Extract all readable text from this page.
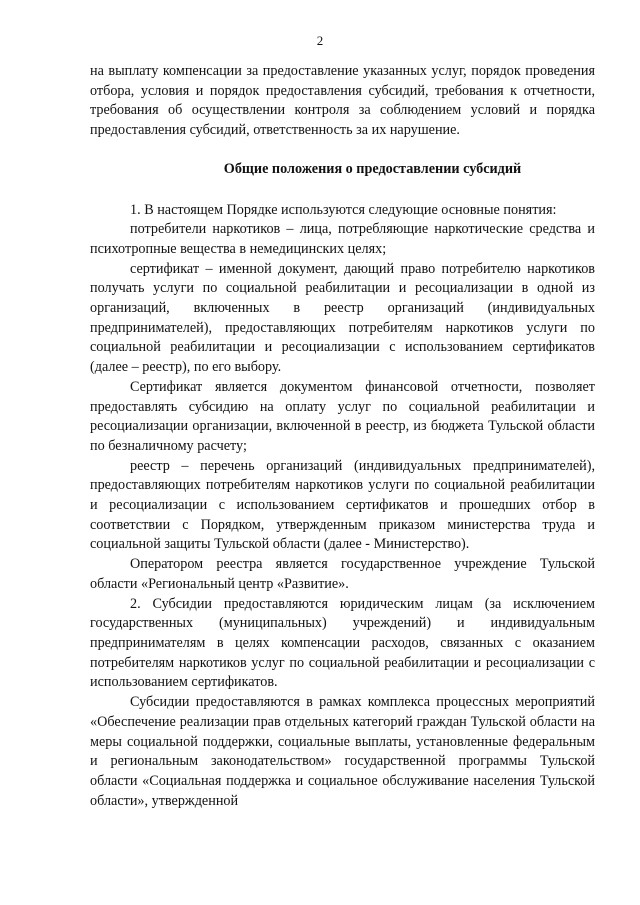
2

на выплату компенсации за предоставление указанных услуг, порядок проведения отбора, условия и порядок предоставления субсидий, требования к отчетности, требования об осуществлении контроля за соблюдением условий и порядка предоставления субсидий, ответственность за их нарушение.

Общие положения о предоставлении субсидий

1. В настоящем Порядке используются следующие основные понятия:

потребители наркотиков – лица, потребляющие наркотические средства и психотропные вещества в немедицинских целях;

сертификат – именной документ, дающий право потребителю наркотиков получать услуги по социальной реабилитации и ресоциализации в одной из организаций, включенных в реестр организаций (индивидуальных предпринимателей), предоставляющих потребителям наркотиков услуги по социальной реабилитации и ресоциализации с использованием сертификатов (далее – реестр), по его выбору.

Сертификат является документом финансовой отчетности, позволяет предоставлять субсидию на оплату услуг по социальной реабилитации и ресоциализации организации, включенной в реестр, из бюджета Тульской области по безналичному расчету;

реестр – перечень организаций (индивидуальных предпринимателей), предоставляющих потребителям наркотиков услуги по социальной реабилитации и ресоциализации с использованием сертификатов и прошедших отбор в соответствии с Порядком, утвержденным приказом министерства труда и социальной защиты Тульской области (далее - Министерство).

Оператором реестра является государственное учреждение Тульской области «Региональный центр «Развитие».

2. Субсидии предоставляются юридическим лицам (за исключением государственных (муниципальных) учреждений) и индивидуальным предпринимателям в целях компенсации расходов, связанных с оказанием потребителям наркотиков услуг по социальной реабилитации и ресоциализации с использованием сертификатов.

Субсидии предоставляются в рамках комплекса процессных мероприятий «Обеспечение реализации прав отдельных категорий граждан Тульской области на меры социальной поддержки, социальные выплаты, установленные федеральным и региональным законодательством» государственной программы Тульской области «Социальная поддержка и социальное обслуживание населения Тульской области», утвержденной
